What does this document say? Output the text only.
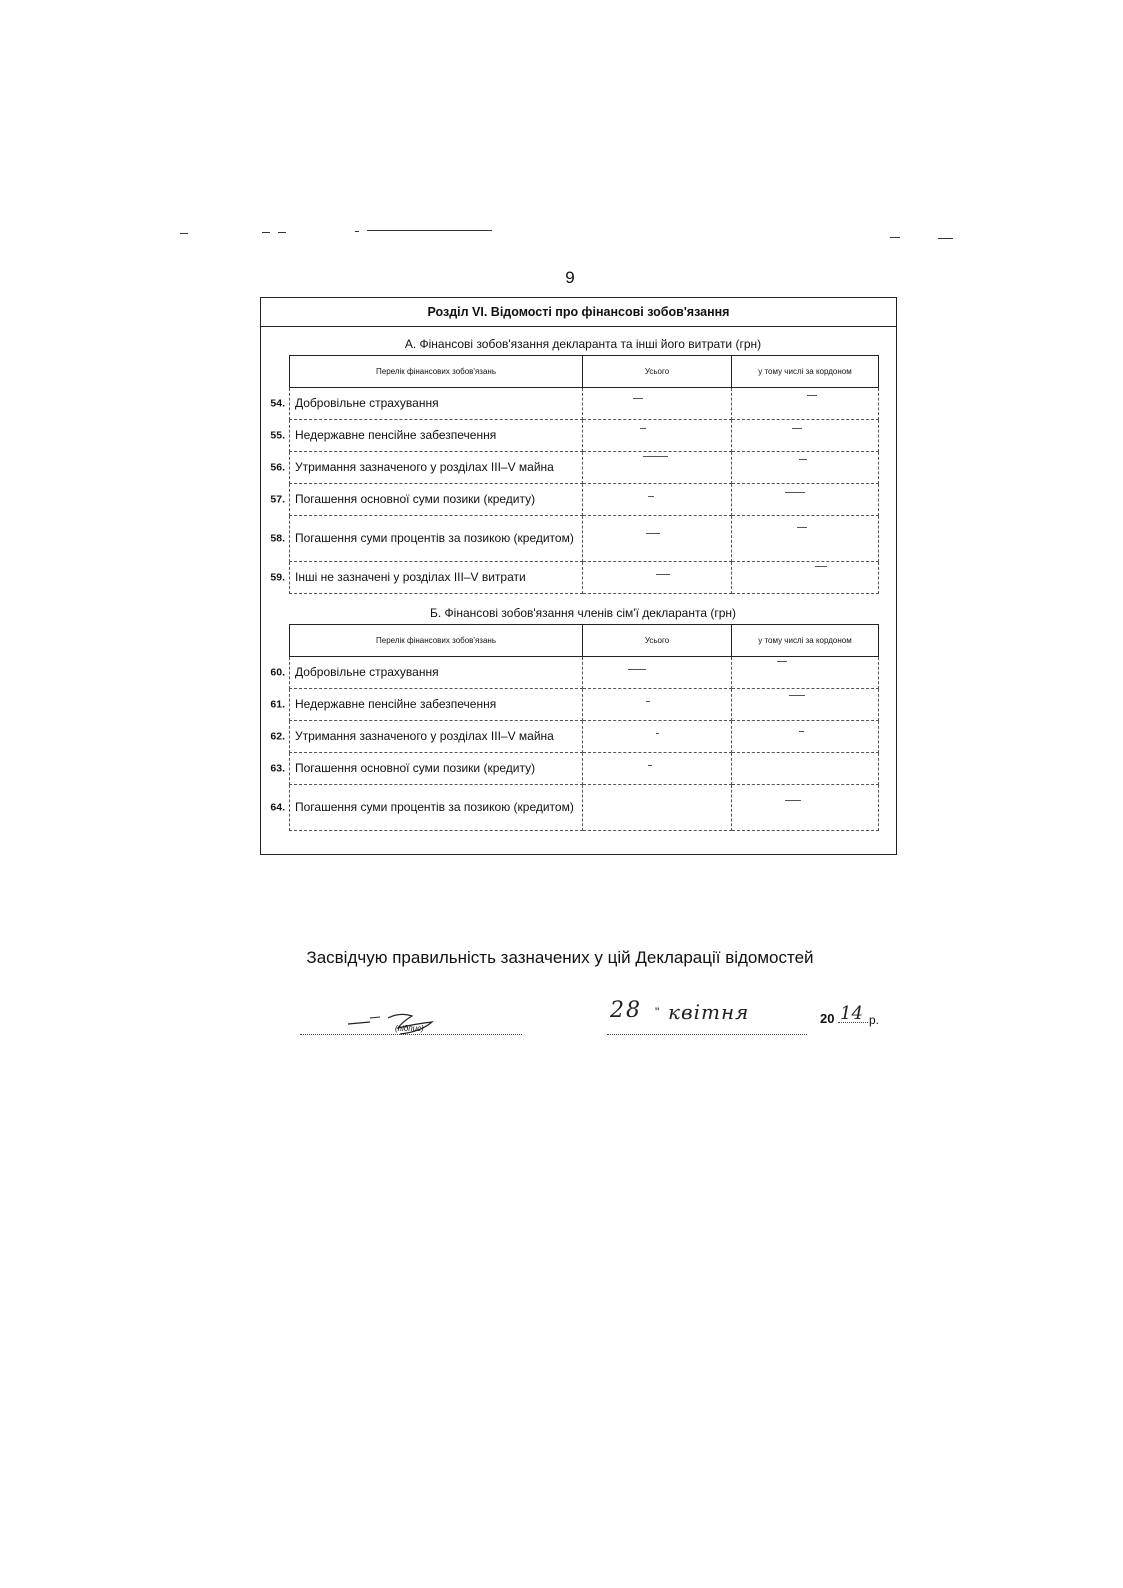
9
Розділ VI. Відомості про фінансові зобов'язання
А. Фінансові зобов'язання декларанта та інші його витрати (грн)
Перелік фінансових зобов'язань	Усього	у тому числі за кордоном

54. Добровільне страхування	

55. Недержавне пенсійне забезпечення	

56. Утримання зазначеного у розділах III–V майна	

57. Погашення основної суми позики (кредиту)	

58. Погашення суми процентів за позикою (кредитом)	

59. Інші не зазначені у розділах III–V витрати	

Б. Фінансові зобов'язання членів сім'ї декларанта (грн)
Перелік фінансових зобов'язань	Усього	у тому числі за кордоном

60. Добровільне страхування	

61. Недержавне пенсійне забезпечення	

62. Утримання зазначеного у розділах III–V майна	

63. Погашення основної суми позики (кредиту)	

64. Погашення суми процентів за позикою (кредитом)		
Засвідчую правильність зазначених у цій Декларації відомостей
(підпис)
28 " квітня	20 14 р.
